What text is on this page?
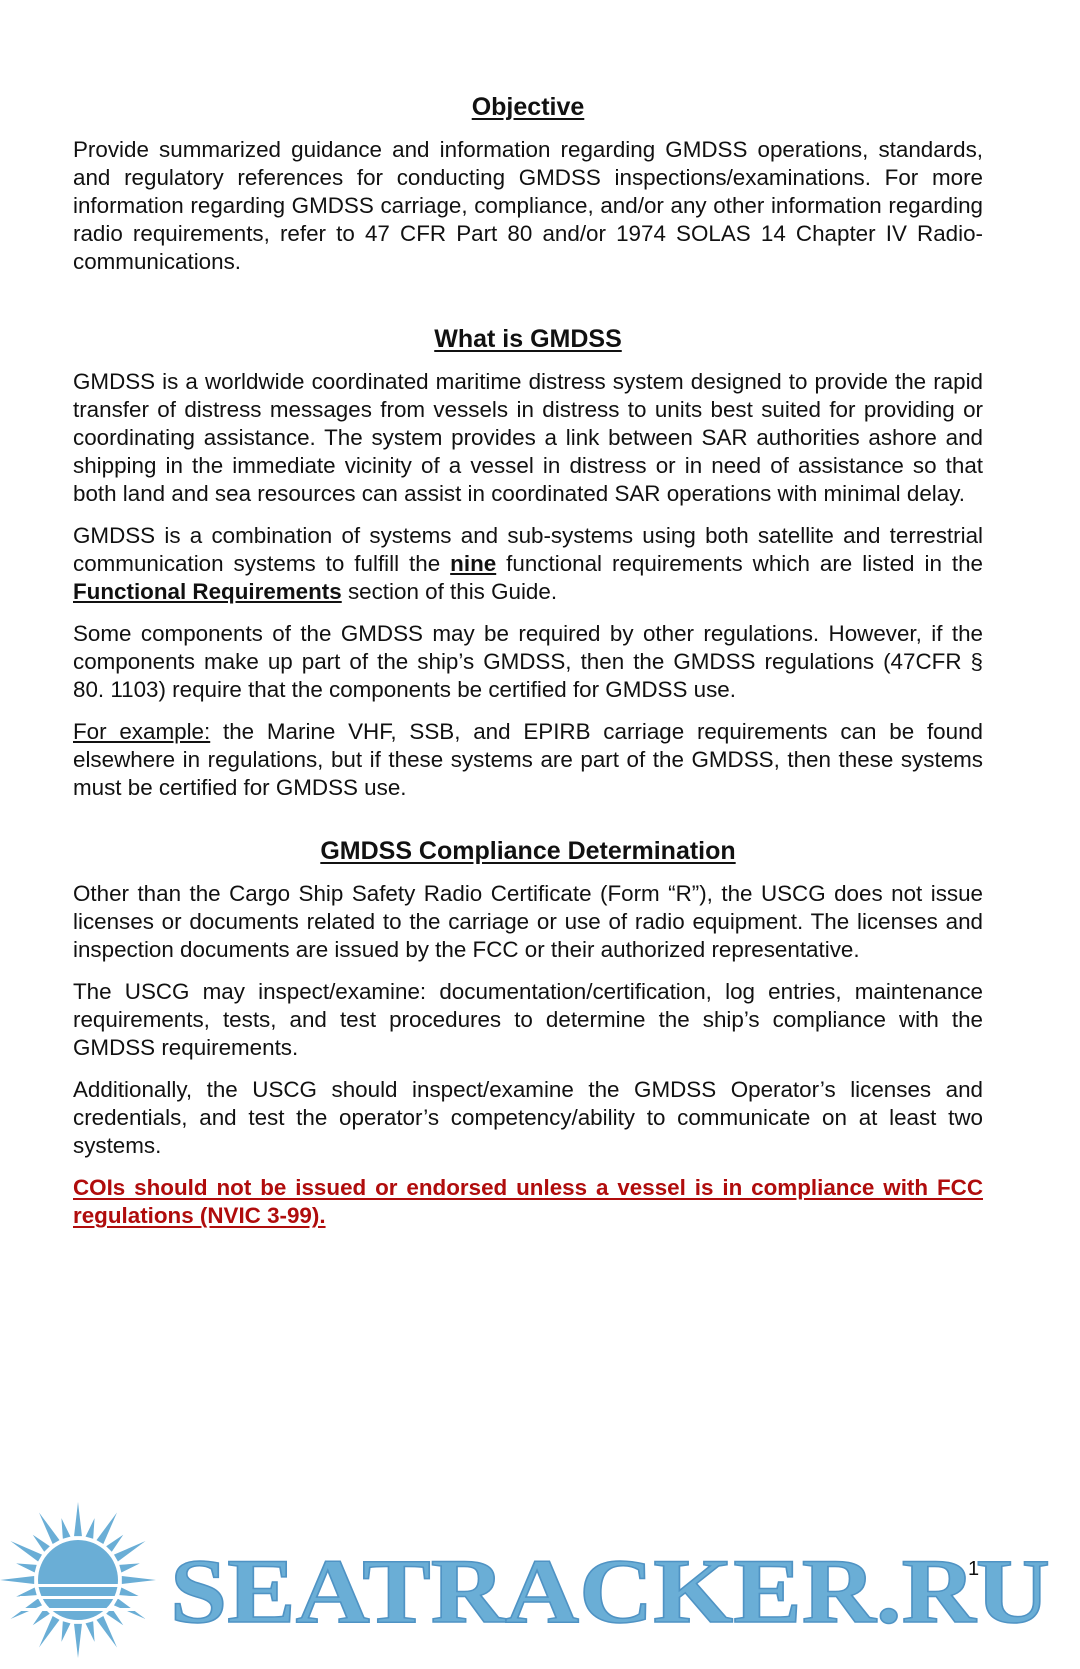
Objective

Provide summarized guidance and information regarding GMDSS operations, standards, and regulatory references for conducting GMDSS inspections/examinations. For more information regarding GMDSS carriage, compliance, and/or any other information regarding radio requirements, refer to 47 CFR Part 80 and/or 1974 SOLAS 14 Chapter IV Radio-communications.

What is GMDSS

GMDSS is a worldwide coordinated maritime distress system designed to provide the rapid transfer of distress messages from vessels in distress to units best suited for providing or coordinating assistance. The system provides a link between SAR authorities ashore and shipping in the immediate vicinity of a vessel in distress or in need of assistance so that both land and sea resources can assist in coordinated SAR operations with minimal delay.

GMDSS is a combination of systems and sub-systems using both satellite and terrestrial communication systems to fulfill the nine functional requirements which are listed in the Functional Requirements section of this Guide.

Some components of the GMDSS may be required by other regulations. However, if the components make up part of the ship’s GMDSS, then the GMDSS regulations (47CFR § 80. 1103) require that the components be certified for GMDSS use.

For example: the Marine VHF, SSB, and EPIRB carriage requirements can be found elsewhere in regulations, but if these systems are part of the GMDSS, then these systems must be certified for GMDSS use.

GMDSS Compliance Determination

Other than the Cargo Ship Safety Radio Certificate (Form “R”), the USCG does not issue licenses or documents related to the carriage or use of radio equipment. The licenses and inspection documents are issued by the FCC or their authorized representative.

The USCG may inspect/examine: documentation/certification, log entries, maintenance requirements, tests, and test procedures to determine the ship’s compliance with the GMDSS requirements.

Additionally, the USCG should inspect/examine the GMDSS Operator’s licenses and credentials, and test the operator’s competency/ability to communicate on at least two systems.

COIs should not be issued or endorsed unless a vessel is in compliance with FCC regulations (NVIC 3-99).

SEATRACKER.RU
1
